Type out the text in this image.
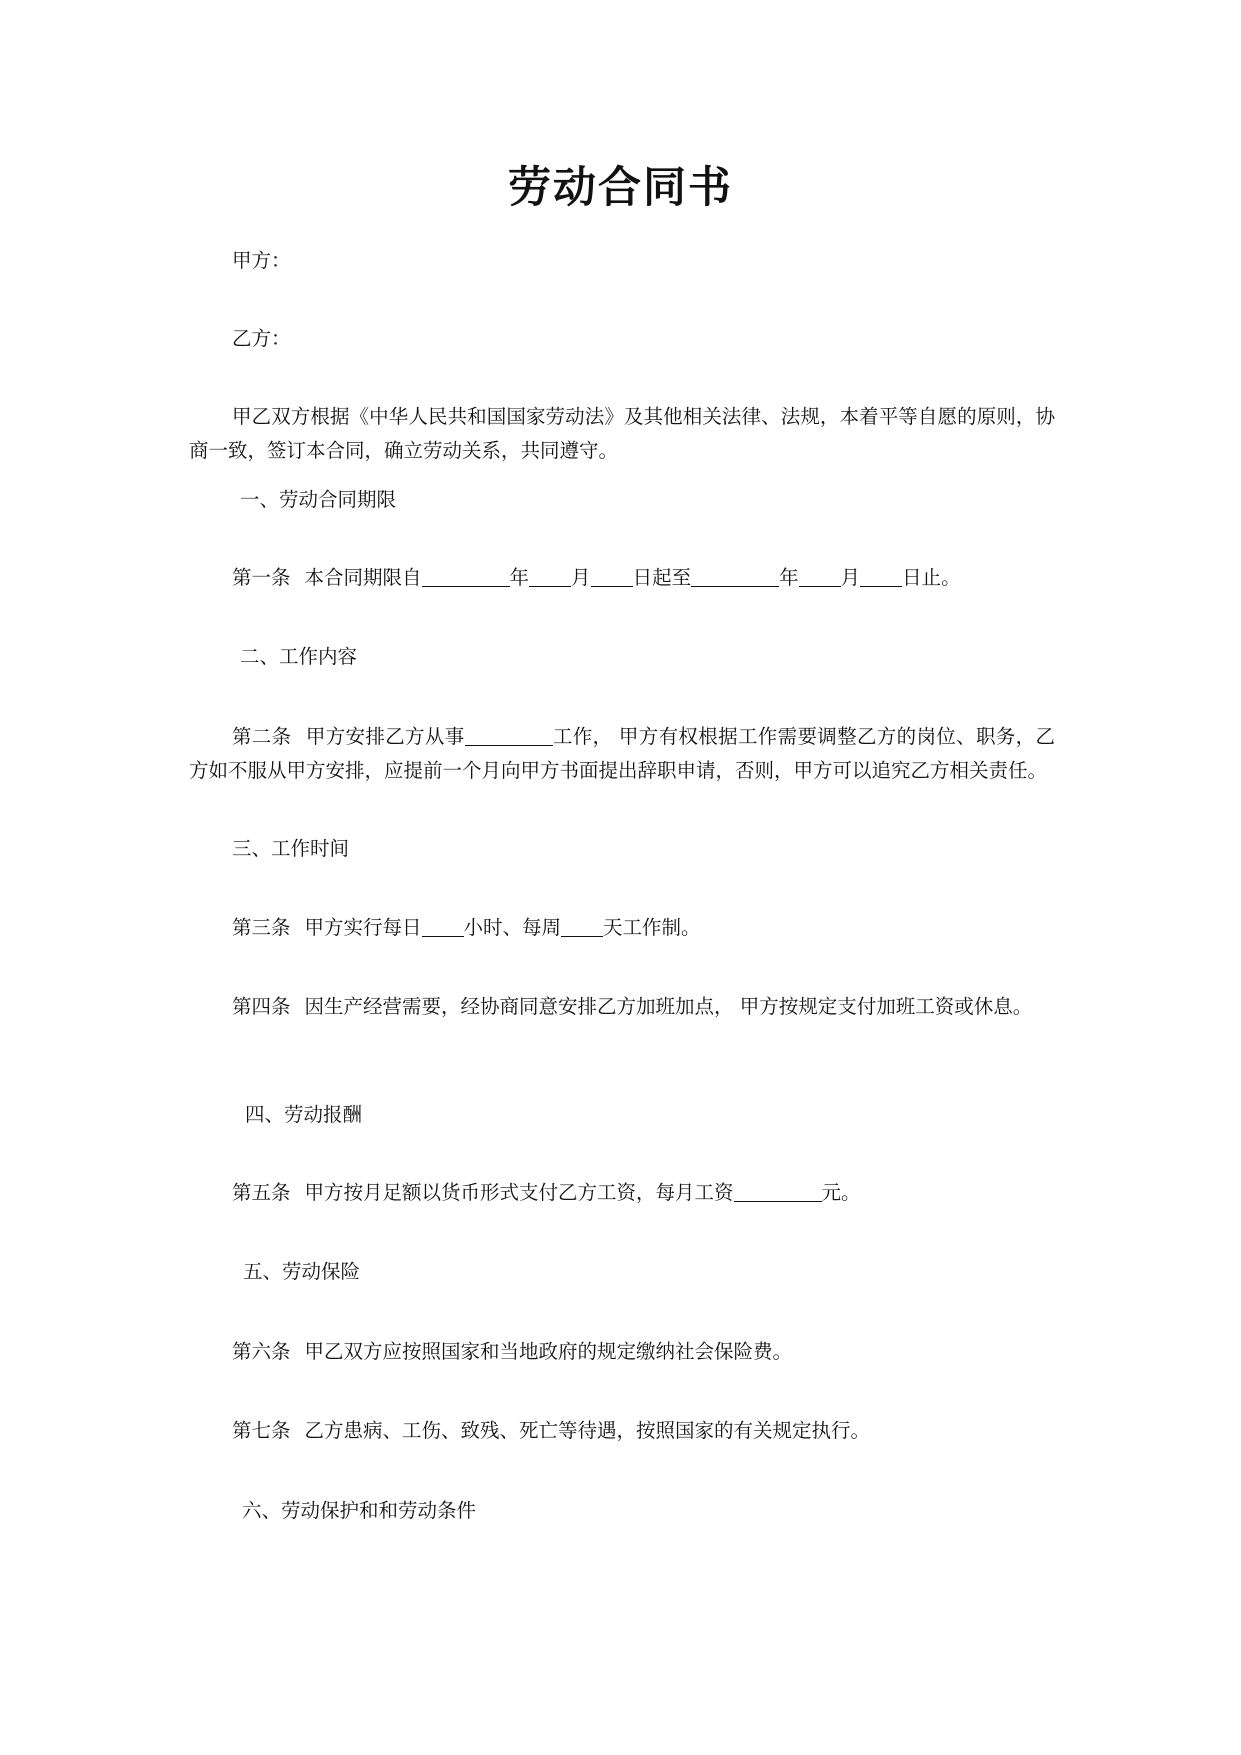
劳动合同书
甲方：
乙方：
甲乙双方根据《中华人民共和国国家劳动法》及其他相关法律、法规，本着平等自愿的原则，协商一致，签订本合同，确立劳动关系，共同遵守。
一、劳动合同期限
第一条 本合同期限自	年 月 日起至	年 月 日止。
二、工作内容
第二条 甲方安排乙方从事	工作， 甲方有权根据工作需要调整乙方的岗位、职务，乙方如不服从甲方安排，应提前一个月向甲方书面提出辞职申请，否则，甲方可以追究乙方相关责任。
三、工作时间
第三条 甲方实行每日 小时、每周 天工作制。
第四条 因生产经营需要，经协商同意安排乙方加班加点， 甲方按规定支付加班工资或休息。
四、劳动报酬
第五条 甲方按月足额以货币形式支付乙方工资，每月工资	元。
五、劳动保险
第六条 甲乙双方应按照国家和当地政府的规定缴纳社会保险费。
第七条 乙方患病、工伤、致残、死亡等待遇，按照国家的有关规定执行。
六、劳动保护和和劳动条件
